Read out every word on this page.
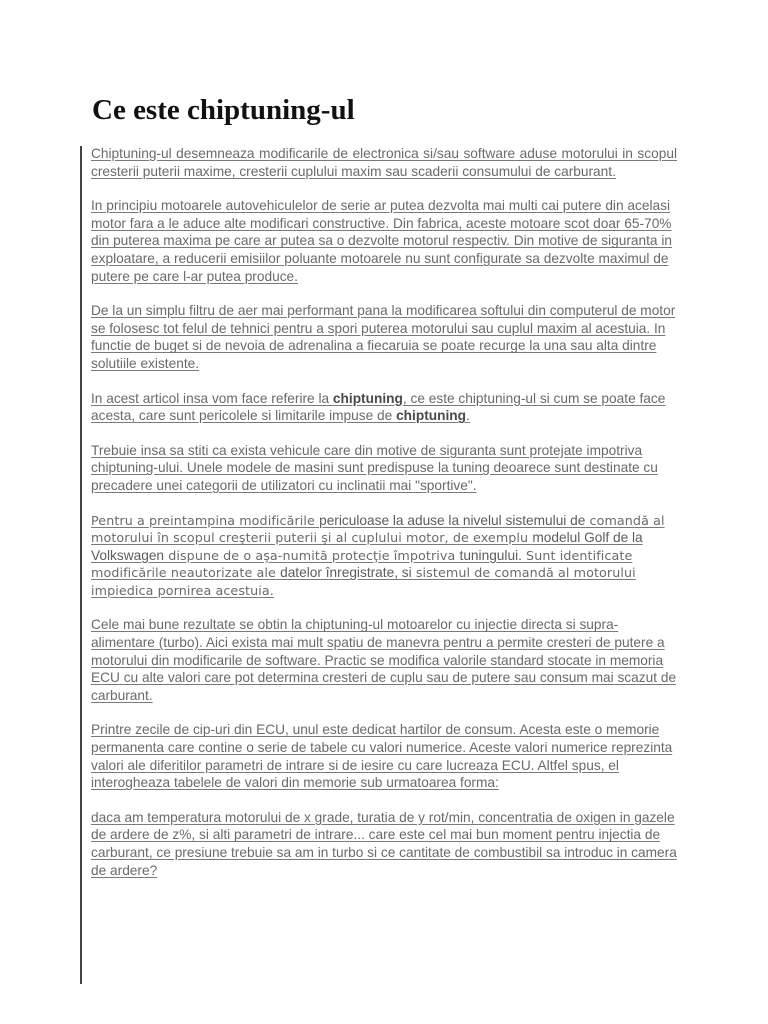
Ce este chiptuning-ul

Chiptuning-ul desemneaza modificarile de electronica si/sau software aduse motorului in scopul cresterii puterii maxime, cresterii cuplului maxim sau scaderii consumului de carburant.

In principiu motoarele autovehiculelor de serie ar putea dezvolta mai multi cai putere din acelasi motor fara a le aduce alte modificari constructive. Din fabrica, aceste motoare scot doar 65-70% din puterea maxima pe care ar putea sa o dezvolte motorul respectiv. Din motive de siguranta in exploatare, a reducerii emisiilor poluante motoarele nu sunt configurate sa dezvolte maximul de putere pe care l-ar putea produce.

De la un simplu filtru de aer mai performant pana la modificarea softului din computerul de motor se folosesc tot felul de tehnici pentru a spori puterea motorului sau cuplul maxim al acestuia. In functie de buget si de nevoia de adrenalina a fiecaruia se poate recurge la una sau alta dintre solutiile existente.

In acest articol insa vom face referire la chiptuning, ce este chiptuning-ul si cum se poate face acesta, care sunt pericolele si limitarile impuse de chiptuning.

Trebuie insa sa stiti ca exista vehicule care din motive de siguranta sunt protejate impotriva chiptuning-ului. Unele modele de masini sunt predispuse la tuning deoarece sunt destinate cu precadere unei categorii de utilizatori cu inclinatii mai "sportive".

Pentru a preintampina modificările periculoase la aduse la nivelul sistemului de comandă al motorului în scopul creşterii puterii şi al cuplului motor, de exemplu modelul Golf de la Volkswagen dispune de o aşa-numită protecţie împotriva tuningului. Sunt identificate modificările neautorizate ale datelor înregistrate, si sistemul de comandă al motorului impiedica pornirea acestuia.

Cele mai bune rezultate se obtin la chiptuning-ul motoarelor cu injectie directa si supra-alimentare (turbo). Aici exista mai mult spatiu de manevra pentru a permite cresteri de putere a motorului din modificarile de software. Practic se modifica valorile standard stocate in memoria ECU cu alte valori care pot determina cresteri de cuplu sau de putere sau consum mai scazut de carburant.

Printre zecile de cip-uri din ECU, unul este dedicat hartilor de consum. Acesta este o memorie permanenta care contine o serie de tabele cu valori numerice. Aceste valori numerice reprezinta valori ale diferitilor parametri de intrare si de iesire cu care lucreaza ECU. Altfel spus, el interogheaza tabelele de valori din memorie sub urmatoarea forma:

daca am temperatura motorului de x grade, turatia de y rot/min, concentratia de oxigen in gazele de ardere de z%, si alti parametri de intrare... care este cel mai bun moment pentru injectia de carburant, ce presiune trebuie sa am in turbo si ce cantitate de combustibil sa introduc in camera de ardere?
